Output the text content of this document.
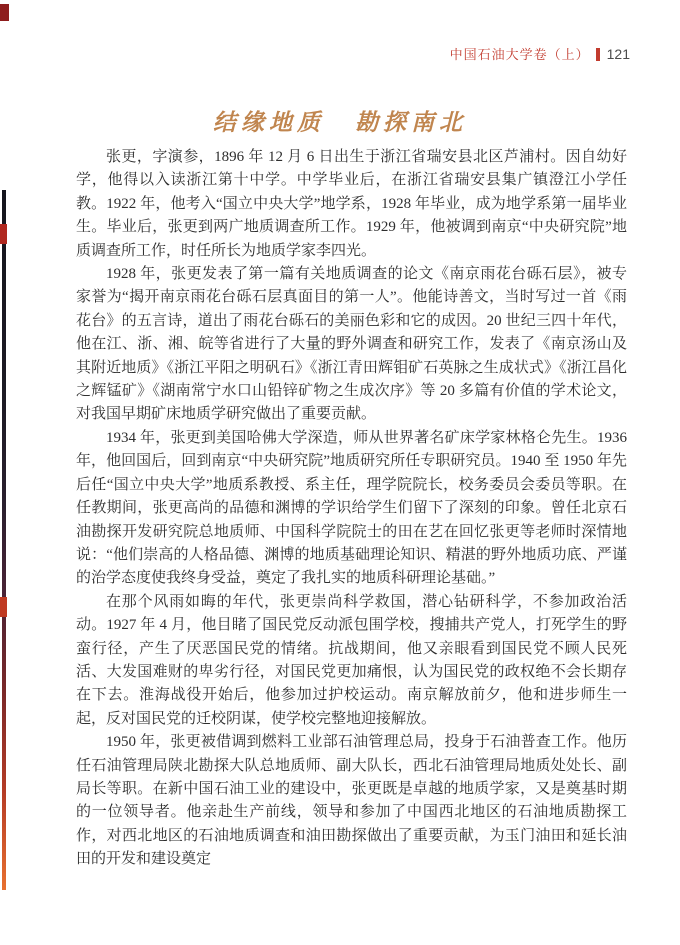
中国石油大学卷（上） 121
结缘地质 勘探南北

张更，字演参，1896 年 12 月 6 日出生于浙江省瑞安县北区芦浦村。因自幼好学，他得以入读浙江第十中学。中学毕业后，在浙江省瑞安县集广镇澄江小学任教。1922 年，他考入“国立中央大学”地学系，1928 年毕业，成为地学系第一届毕业生。毕业后，张更到两广地质调查所工作。1929 年，他被调到南京“中央研究院”地质调查所工作，时任所长为地质学家李四光。

1928 年，张更发表了第一篇有关地质调查的论文《南京雨花台砾石层》，被专家誉为“揭开南京雨花台砾石层真面目的第一人”。他能诗善文，当时写过一首《雨花台》的五言诗，道出了雨花台砾石的美丽色彩和它的成因。20 世纪三四十年代，他在江、浙、湘、皖等省进行了大量的野外调查和研究工作，发表了《南京汤山及其附近地质》《浙江平阳之明矾石》《浙江青田辉钼矿石英脉之生成状式》《浙江昌化之辉锰矿》《湖南常宁水口山铅锌矿物之生成次序》等 20 多篇有价值的学术论文，对我国早期矿床地质学研究做出了重要贡献。

1934 年，张更到美国哈佛大学深造，师从世界著名矿床学家林格仑先生。1936 年，他回国后，回到南京“中央研究院”地质研究所任专职研究员。1940 至 1950 年先后任“国立中央大学”地质系教授、系主任，理学院院长，校务委员会委员等职。在任教期间，张更高尚的品德和渊博的学识给学生们留下了深刻的印象。曾任北京石油勘探开发研究院总地质师、中国科学院院士的田在艺在回忆张更等老师时深情地说：“他们崇高的人格品德、渊博的地质基础理论知识、精湛的野外地质功底、严谨的治学态度使我终身受益，奠定了我扎实的地质科研理论基础。”

在那个风雨如晦的年代，张更崇尚科学救国，潜心钻研科学，不参加政治活动。1927 年 4 月，他目睹了国民党反动派包围学校，搜捕共产党人，打死学生的野蛮行径，产生了厌恶国民党的情绪。抗战期间，他又亲眼看到国民党不顾人民死活、大发国难财的卑劣行径，对国民党更加痛恨，认为国民党的政权绝不会长期存在下去。淮海战役开始后，他参加过护校运动。南京解放前夕，他和进步师生一起，反对国民党的迁校阴谋，使学校完整地迎接解放。

1950 年，张更被借调到燃料工业部石油管理总局，投身于石油普查工作。他历任石油管理局陕北勘探大队总地质师、副大队长，西北石油管理局地质处处长、副局长等职。在新中国石油工业的建设中，张更既是卓越的地质学家，又是奠基时期的一位领导者。他亲赴生产前线，领导和参加了中国西北地区的石油地质勘探工作，对西北地区的石油地质调查和油田勘探做出了重要贡献，为玉门油田和延长油田的开发和建设奠定
